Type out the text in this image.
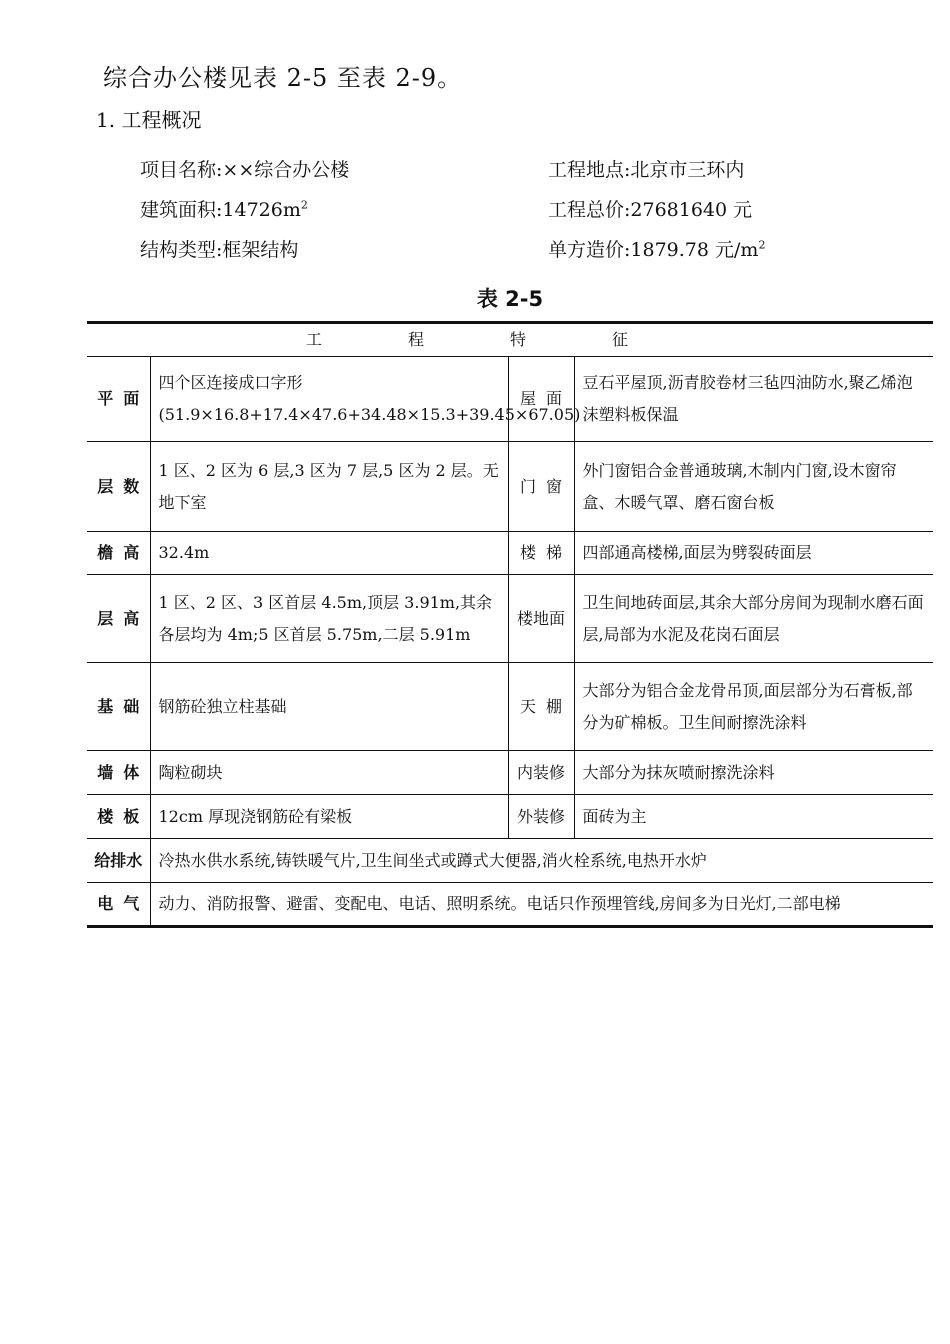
综合办公楼见表 2-5 至表 2-9。
1. 工程概况
项目名称:××综合办公楼	工程地点:北京市三环内
建筑面积$:14726m^2$	工程总价:27681640 元
结构类型:框架结构	单方造价:1879.78 元$/m^2$
表 2-5
工程特征			
平面	四个区连接成口字形(51.9×16.8+17.4×47.6+34.48×15.3+39.45×67.05)	屋面	豆石平屋顶,沥青胶卷材三毡四油防水,聚乙烯泡沫塑料板保温
层数	1 区、2 区为 6 层,3 区为 7 层,5 区为 2 层。无地下室	门窗	外门窗铝合金普通玻璃,木制内门窗,设木窗帘盒、木暖气罩、磨石窗台板
檐高	32.4m	楼梯	四部通高楼梯,面层为劈裂砖面层
层高	1 区、2 区、3 区首层 4.5m,顶层 3.91m,其余各层均为 4m;5 区首层 5.75m,二层 5.91m	楼地面	卫生间地砖面层,其余大部分房间为现制水磨石面层,局部为水泥及花岗石面层
基础	钢筋砼独立柱基础	天棚	大部分为铝合金龙骨吊顶,面层部分为石膏板,部分为矿棉板。卫生间耐擦洗涂料
墙体	陶粒砌块	内装修	大部分为抹灰喷耐擦洗涂料
楼板	12cm 厚现浇钢筋砼有梁板	外装修	面砖为主
给排水	冷热水供水系统,铸铁暖气片,卫生间坐式或蹲式大便器,消火栓系统,电热开水炉		
电气	动力、消防报警、避雷、变配电、电话、照明系统。电话只作预埋管线,房间多为日光灯,二部电梯		
